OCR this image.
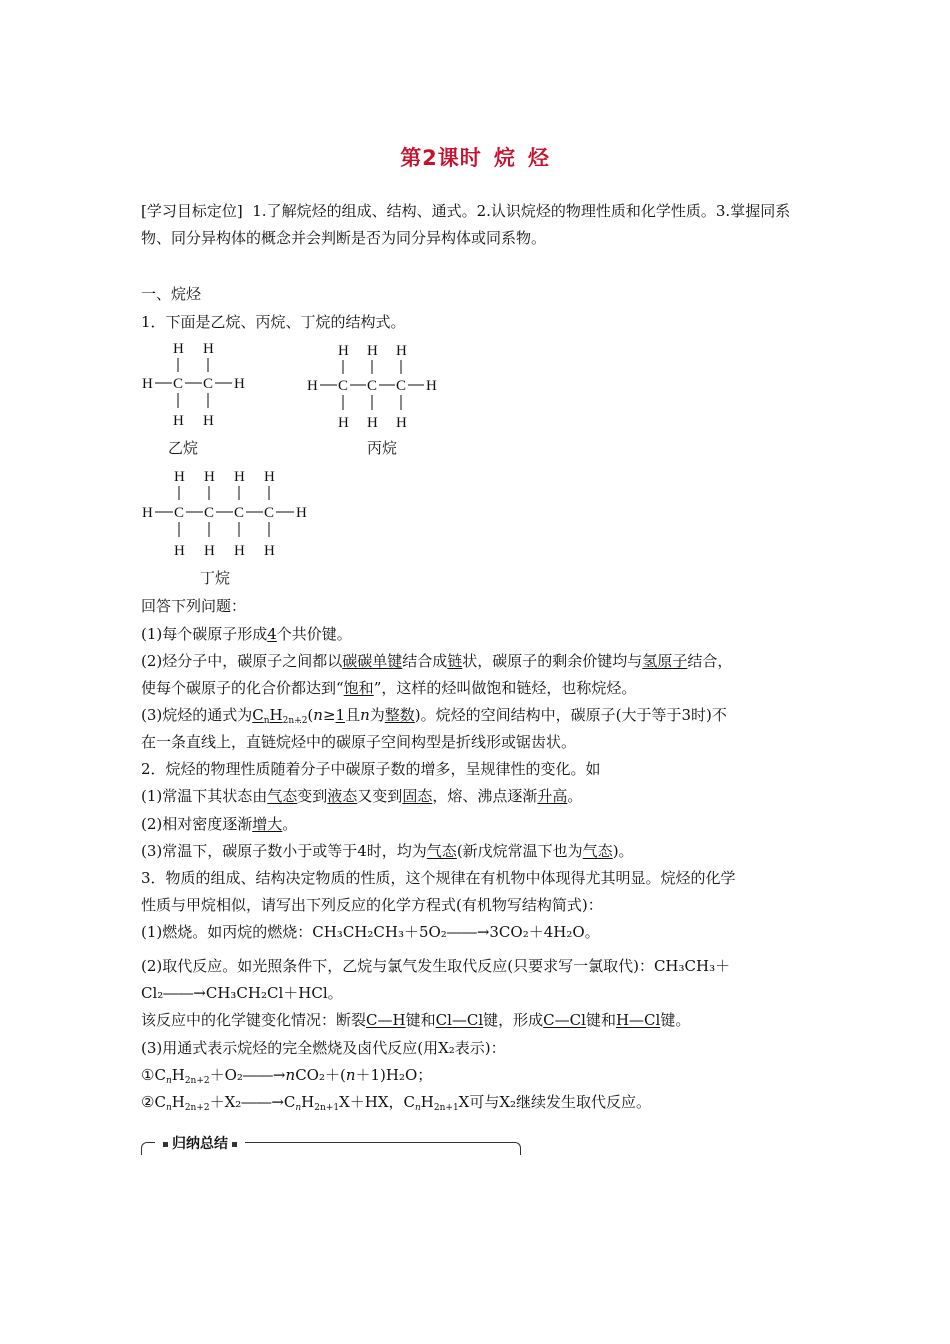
第2课时 烷 烃
[学习目标定位] 1.了解烷烃的组成、结构、通式。2.认识烷烃的物理性质和化学性质。3.掌握同系物、同分异构体的概念并会判断是否为同分异构体或同系物。
一、烷烃
1．下面是乙烷、丙烷、丁烷的结构式。
H H
H C C H
H H
乙烷
H H H
H C C C H
H H H
丙烷
H H H H
H C C C C H
H H H H
丁烷
回答下列问题：
(1)每个碳原子形成4个共价键。
(2)烃分子中，碳原子之间都以碳碳单键结合成链状，碳原子的剩余价键均与氢原子结合，
使每个碳原子的化合价都达到“饱和”，这样的烃叫做饱和链烃，也称烷烃。
(3)烷烃的通式为$C_nH_{2n+2}(n\ge 1$且n为整数)。烷烃的空间结构中，碳原子(大于等于3时)不
在一条直线上，直链烷烃中的碳原子空间构型是折线形或锯齿状。
2．烷烃的物理性质随着分子中碳原子数的增多，呈规律性的变化。如
(1)常温下其状态由气态变到液态又变到固态，熔、沸点逐渐升高。
(2)相对密度逐渐增大。
(3)常温下，碳原子数小于或等于4时，均为气态(新戊烷常温下也为气态)。
3．物质的组成、结构决定物质的性质，这个规律在有机物中体现得尤其明显。烷烃的化学
性质与甲烷相似，请写出下列反应的化学方程式(有机物写结构简式)：
(1)燃烧。如丙烷的燃烧：CH₃CH₂CH₃＋5O₂――→3CO₂＋4H₂O。
(2)取代反应。如光照条件下，乙烷与氯气发生取代反应(只要求写一氯取代)：CH₃CH₃＋
Cl₂――→CH₃CH₂Cl＋HCl。
该反应中的化学键变化情况：断裂C—H键和Cl—Cl键，形成C—Cl键和H—Cl键。
(3)用通式表示烷烃的完全燃烧及卤代反应(用X₂表示)：
$①C_nH_{2n+2}+O_2――\to nCO_2+(n+1)H_2O$；
$②C_nH_{2n+2}+X_2――\to C_nH_{2n+1}X+HX$，$C_nH_{2n+1}X$可与X₂继续发生取代反应。
归纳总结
